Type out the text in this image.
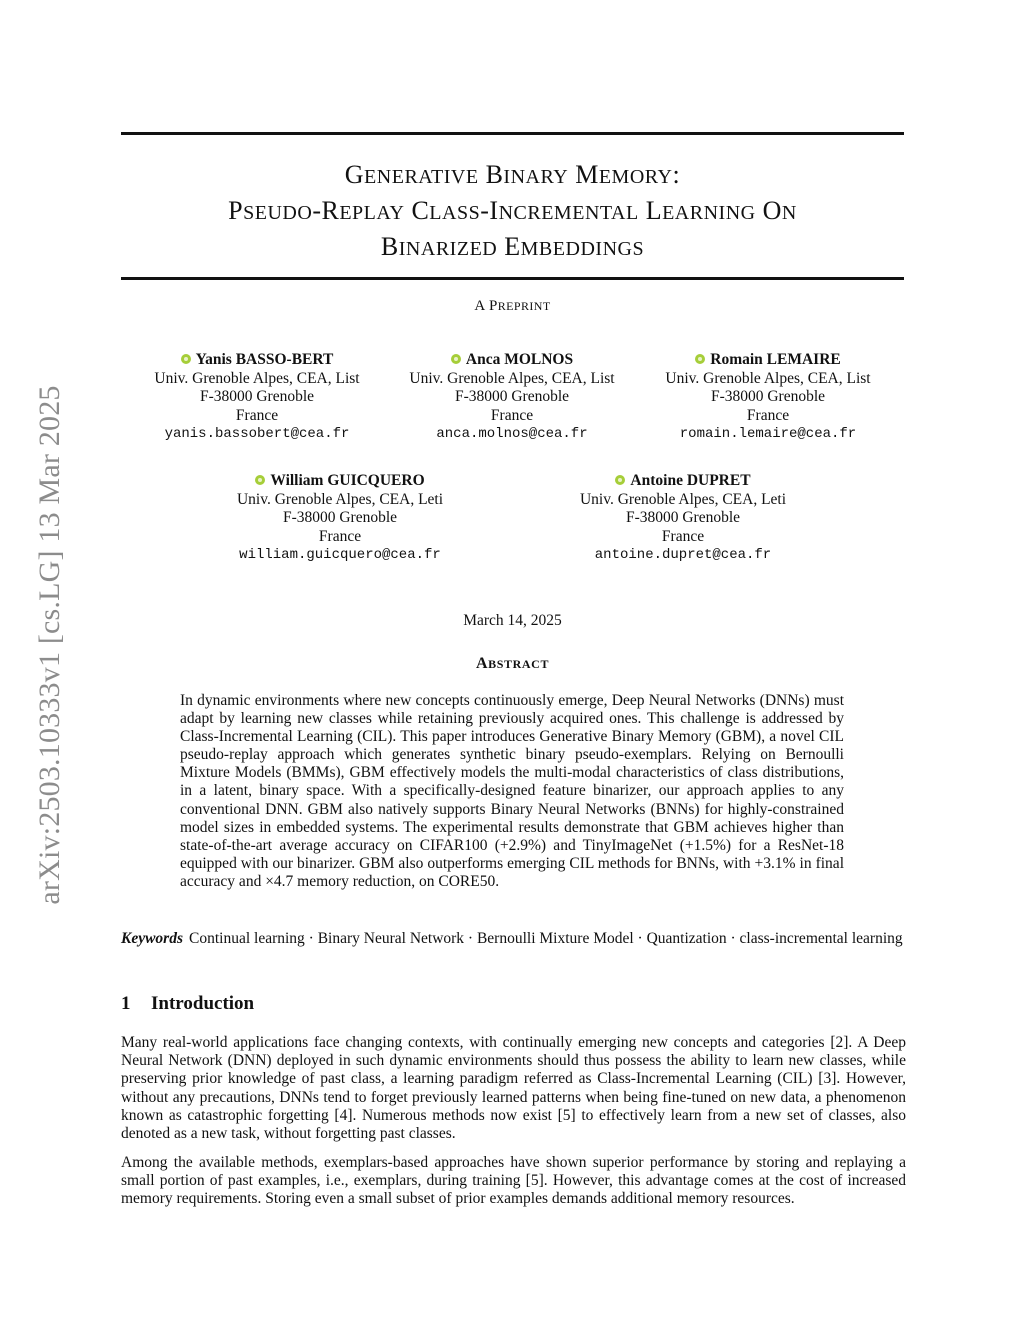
arXiv:2503.10333v1 [cs.LG] 13 Mar 2025
GENERATIVE BINARY MEMORY:
PSEUDO-REPLAY CLASS-INCREMENTAL LEARNING ON
BINARIZED EMBEDDINGS
A PREPRINT
Yanis BASSO-BERT
Univ. Grenoble Alpes, CEA, List
F-38000 Grenoble
France
yanis.bassobert@cea.fr
Anca MOLNOS
Univ. Grenoble Alpes, CEA, List
F-38000 Grenoble
France
anca.molnos@cea.fr
Romain LEMAIRE
Univ. Grenoble Alpes, CEA, List
F-38000 Grenoble
France
romain.lemaire@cea.fr
William GUICQUERO
Univ. Grenoble Alpes, CEA, Leti
F-38000 Grenoble
France
william.guicquero@cea.fr
Antoine DUPRET
Univ. Grenoble Alpes, CEA, Leti
F-38000 Grenoble
France
antoine.dupret@cea.fr
March 14, 2025
ABSTRACT
In dynamic environments where new concepts continuously emerge, Deep Neural Networks (DNNs) must adapt by learning new classes while retaining previously acquired ones. This challenge is addressed by Class-Incremental Learning (CIL). This paper introduces Generative Binary Memory (GBM), a novel CIL pseudo-replay approach which generates synthetic binary pseudo-exemplars. Relying on Bernoulli Mixture Models (BMMs), GBM effectively models the multi-modal characteristics of class distributions, in a latent, binary space. With a specifically-designed feature binarizer, our approach applies to any conventional DNN. GBM also natively supports Binary Neural Networks (BNNs) for highly-constrained model sizes in embedded systems. The experimental results demonstrate that GBM achieves higher than state-of-the-art average accuracy on CIFAR100 (+2.9%) and TinyImageNet (+1.5%) for a ResNet-18 equipped with our binarizer. GBM also outperforms emerging CIL methods for BNNs, with +3.1% in final accuracy and ×4.7 memory reduction, on CORE50.
Keywords Continual learning · Binary Neural Network · Bernoulli Mixture Model · Quantization · class-incremental learning
1 Introduction
Many real-world applications face changing contexts, with continually emerging new concepts and categories [2]. A Deep Neural Network (DNN) deployed in such dynamic environments should thus possess the ability to learn new classes, while preserving prior knowledge of past class, a learning paradigm referred as Class-Incremental Learning (CIL) [3]. However, without any precautions, DNNs tend to forget previously learned patterns when being fine-tuned on new data, a phenomenon known as catastrophic forgetting [4]. Numerous methods now exist [5] to effectively learn from a new set of classes, also denoted as a new task, without forgetting past classes.
Among the available methods, exemplars-based approaches have shown superior performance by storing and replaying a small portion of past examples, i.e., exemplars, during training [5]. However, this advantage comes at the cost of increased memory requirements. Storing even a small subset of prior examples demands additional memory resources.
